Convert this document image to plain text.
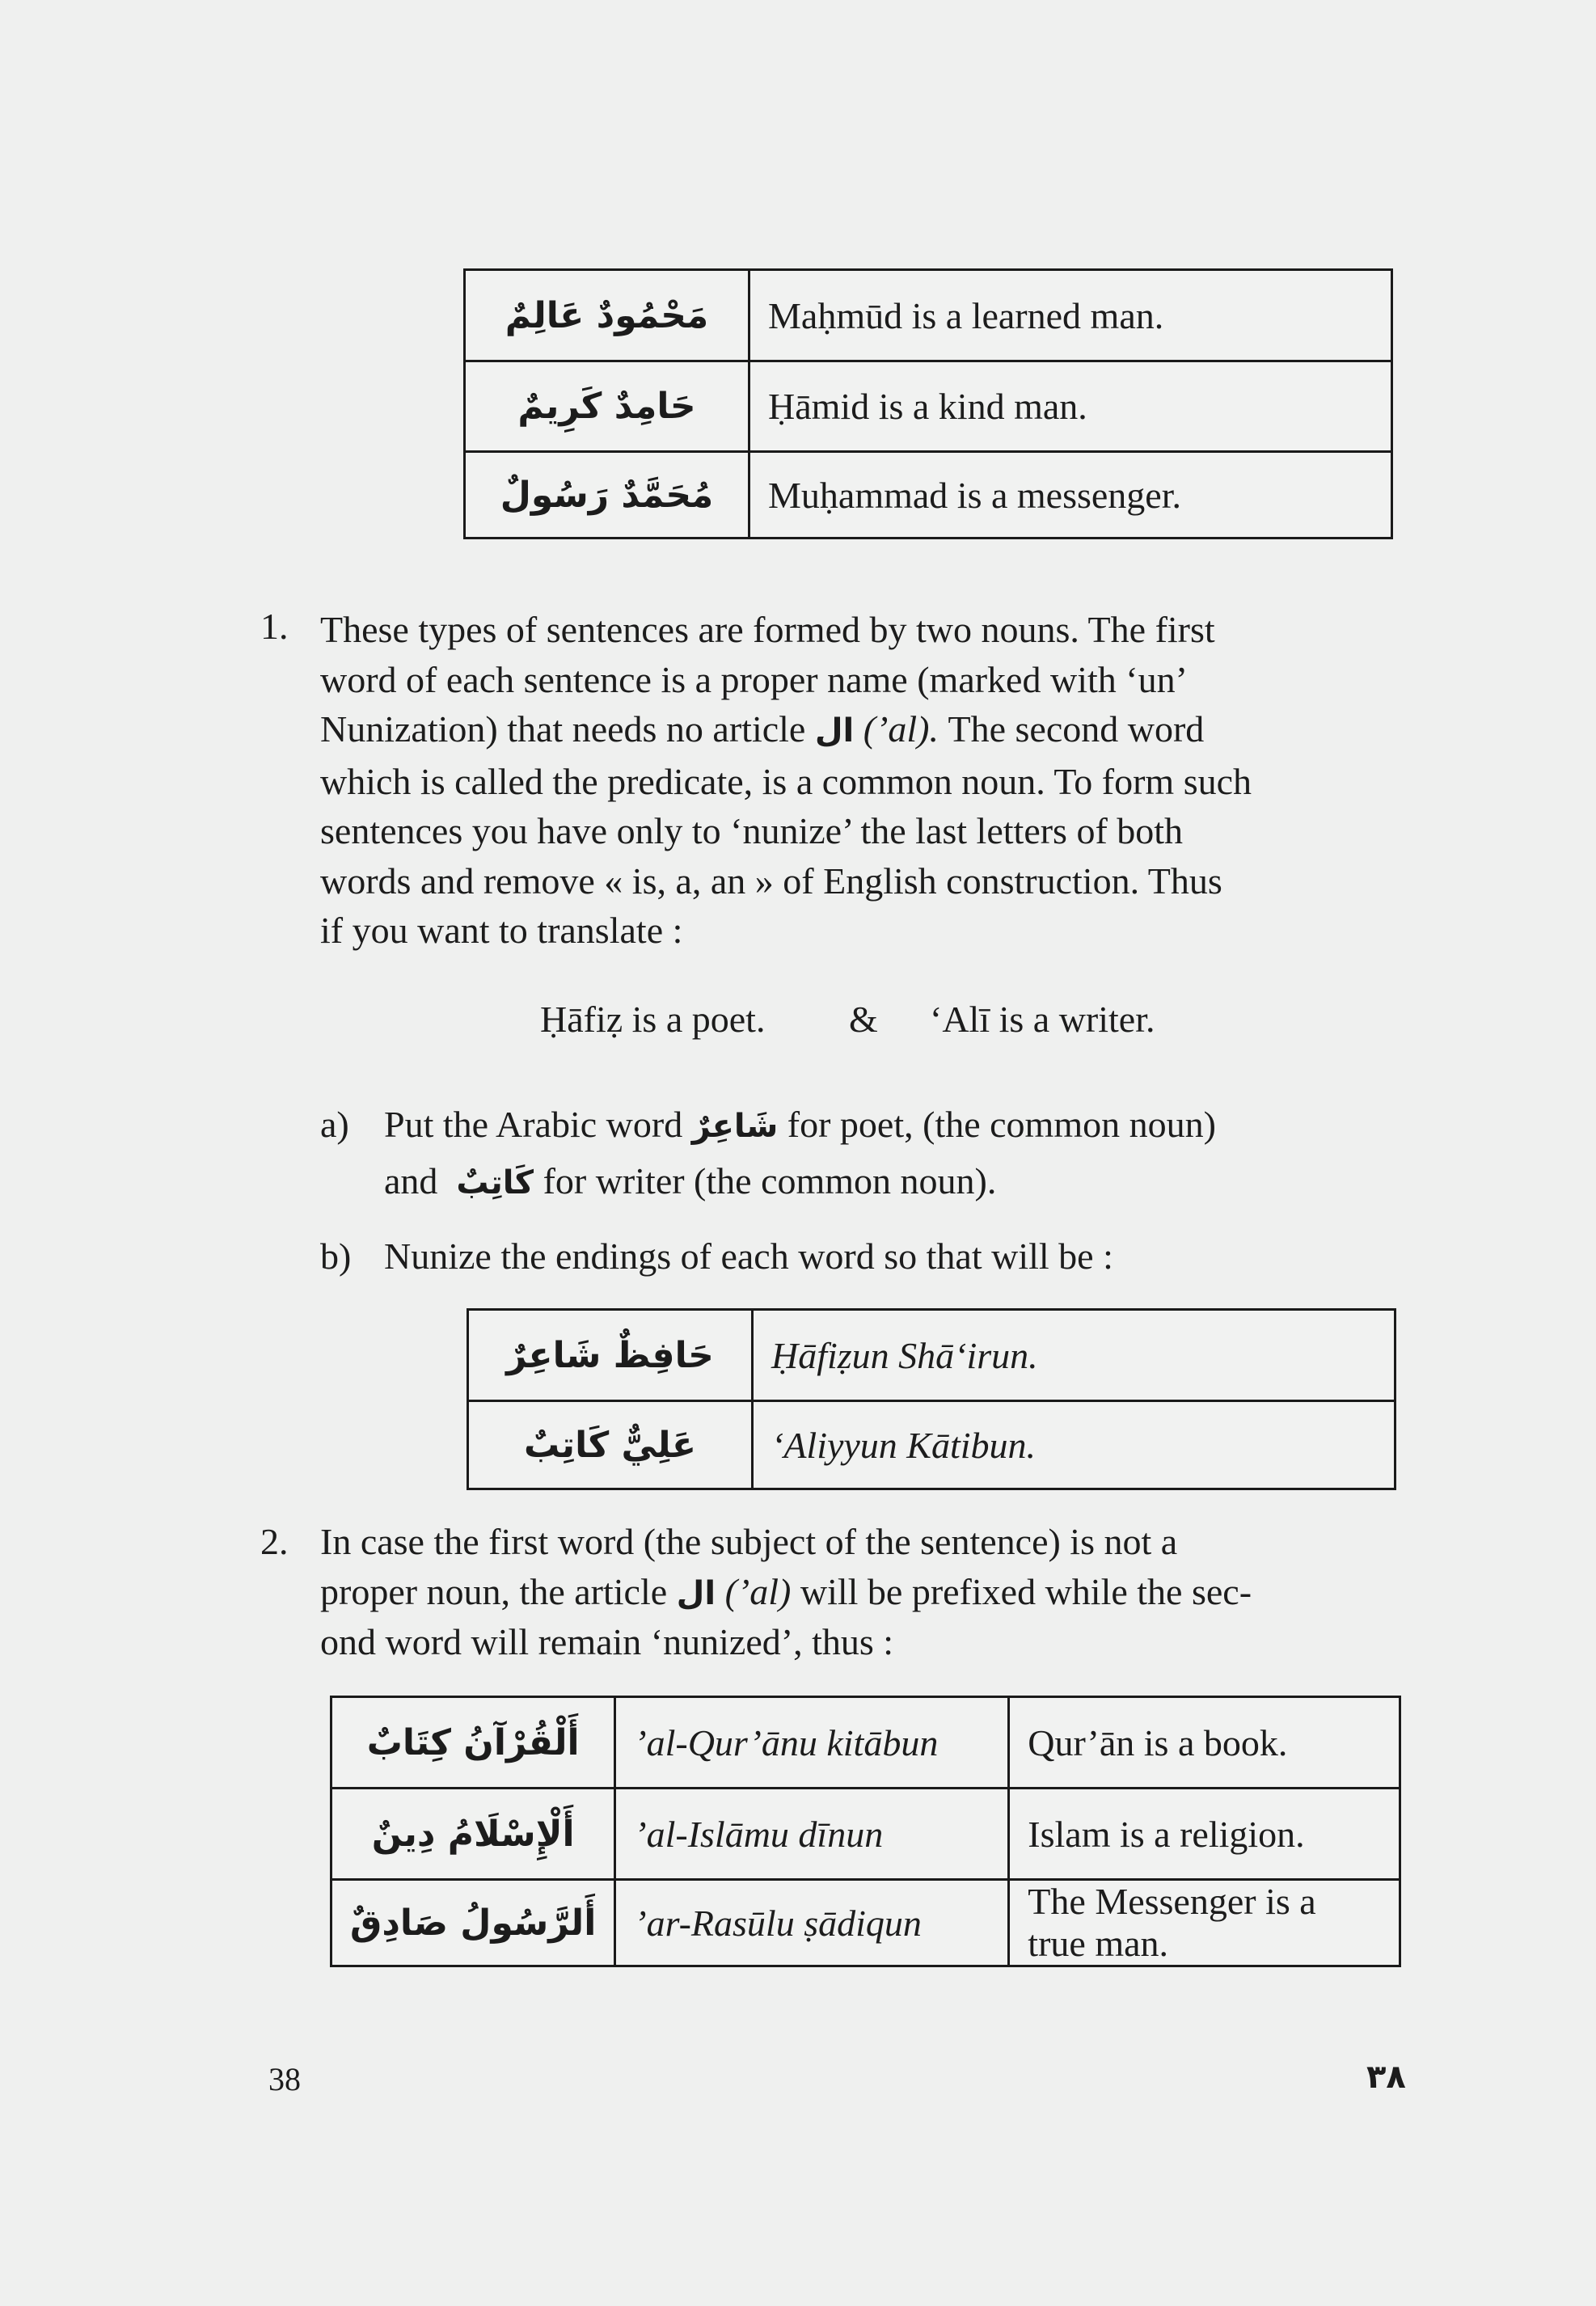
مَحْمُودٌ عَالِمٌ	Maḥmūd is a learned man.
حَامِدٌ كَرِيمٌ	Ḥāmid is a kind man.
مُحَمَّدٌ رَسُولٌ	Muḥammad is a messenger.
1. These types of sentences are formed by two nouns. The first
word of each sentence is a proper name (marked with ‘un’
Nunization) that needs no article ال (’al). The second word
which is called the predicate, is a common noun. To form such
sentences you have only to ‘nunize’ the last letters of both
words and remove « is, a, an » of English construction. Thus
if you want to translate :
Ḥāfiẓ is a poet. & ‘Alī is a writer.
a) Put the Arabic word شَاعِرٌ for poet, (the common noun)
and كَاتِبٌ for writer (the common noun).
b) Nunize the endings of each word so that will be :
حَافِظٌ شَاعِرٌ	Ḥāfiẓun Shā‘irun.
عَلِيٌّ كَاتِبٌ	‘Aliyyun Kātibun.
2. In case the first word (the subject of the sentence) is not a
proper noun, the article ال (’al) will be prefixed while the sec-
ond word will remain ‘nunized’, thus :
أَلْقُرْآنُ كِتَابٌ	’al-Qur’ānu kitābun	Qur’ān is a book.
أَلْإِسْلَامُ دِينٌ	’al-Islāmu dīnun	Islam is a religion.
أَلرَّسُولُ صَادِقٌ	’ar-Rasūlu ṣādiqun	The Messenger is a
true man.
38	٣٨
